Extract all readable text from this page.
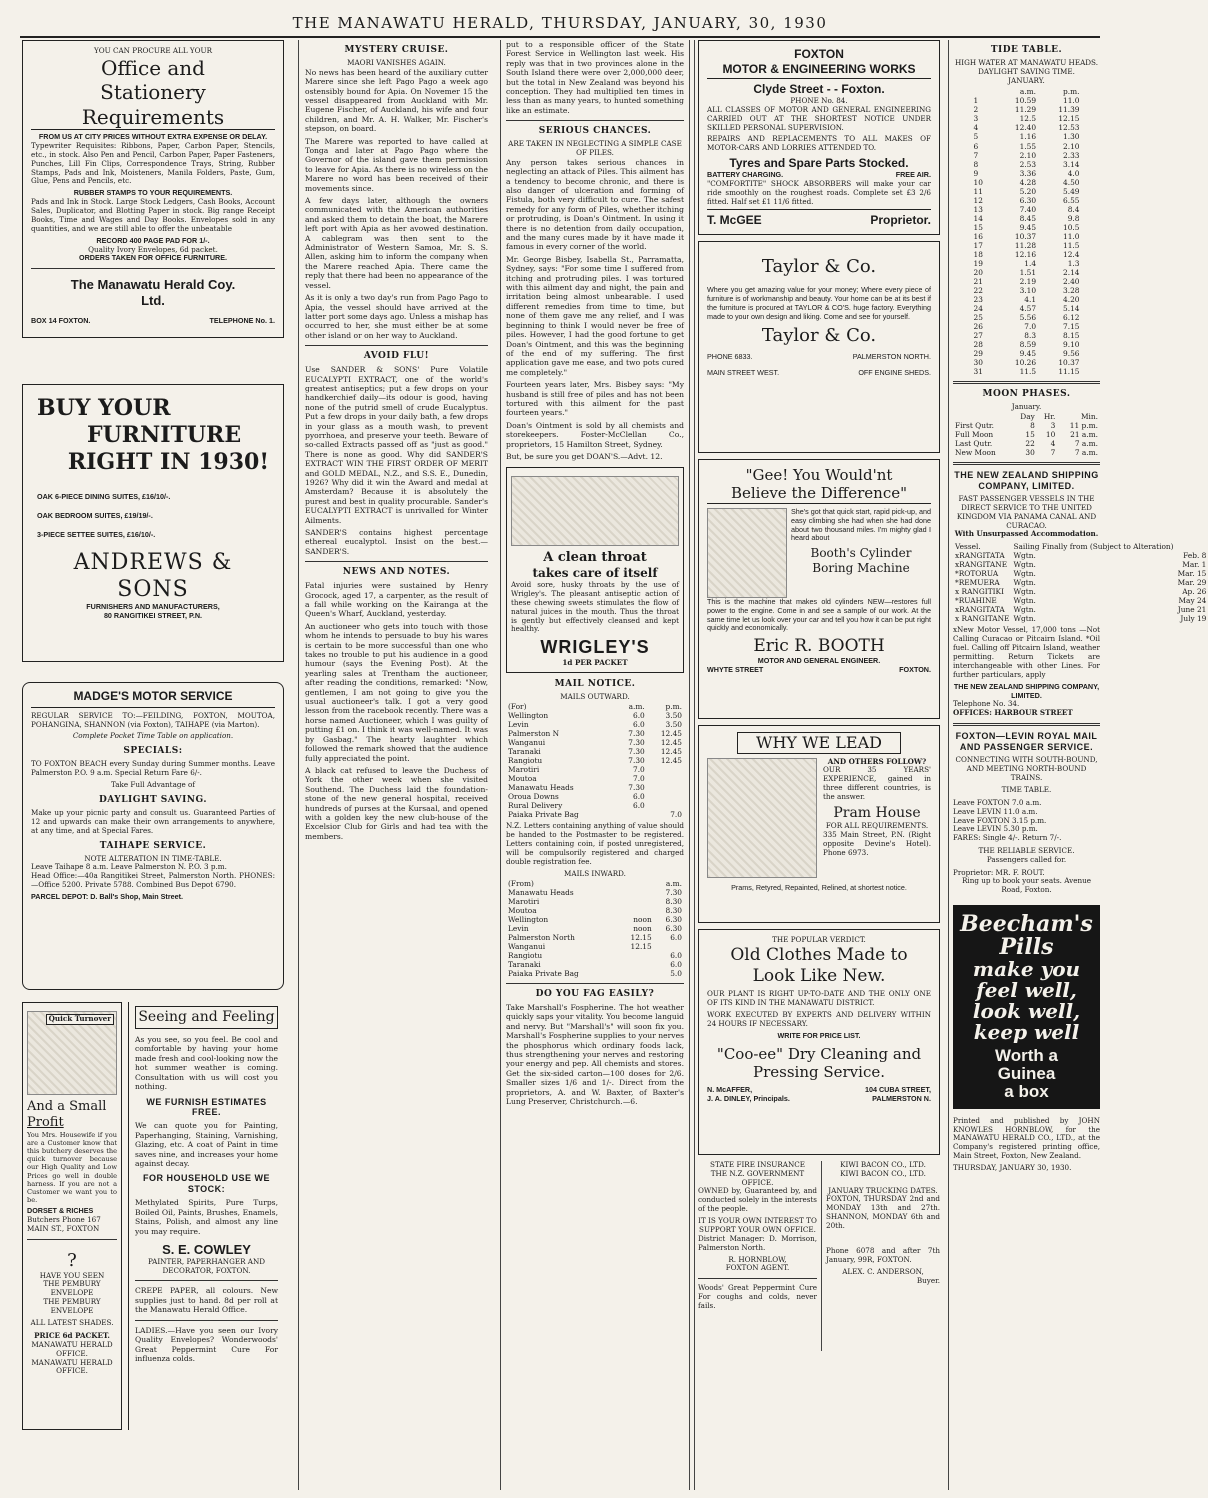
THE MANAWATU HERALD, THURSDAY, JANUARY, 30, 1930
YOU CAN PROCURE ALL YOUR
Office and
Stationery Requirements
FROM US AT CITY PRICES WITHOUT EXTRA EXPENSE OR DELAY.
Typewriter Requisites: Ribbons, Paper, Carbon Paper, Stencils, etc., in stock. Also Pen and Pencil, Carbon Paper, Paper Fasteners, Punches, Lill Fin Clips, Correspondence Trays, String, Rubber Stamps, Pads and Ink, Moisteners, Manila Folders, Paste, Gum, Glue, Pens and Pencils, etc.
RUBBER STAMPS TO YOUR REQUIREMENTS.
Pads and Ink in Stock. Large Stock Ledgers, Cash Books, Account Sales, Duplicator, and Blotting Paper in stock. Big range Receipt Books, Time and Wages and Day Books. Envelopes sold in any quantities, and we are still able to offer the unbeatable
RECORD 400 PAGE PAD FOR 1/-.
Quality Ivory Envelopes, 6d packet.
ORDERS TAKEN FOR OFFICE FURNITURE.
The Manawatu Herald Coy.
Ltd.
BOX 14 FOXTON.	TELEPHONE No. 1.
BUY YOUR
FURNITURE
RIGHT IN 1930!
OAK 6-PIECE DINING SUITES, £16/10/-.
OAK BEDROOM SUITES, £19/19/-.
3-PIECE SETTEE SUITES, £16/10/-.
ANDREWS & SONS
FURNISHERS AND MANUFACTURERS,
80 RANGITIKEI STREET, P.N.
MADGE'S MOTOR SERVICE
REGULAR SERVICE TO:—FEILDING, FOXTON, MOUTOA, POHANGINA, SHANNON (via Foxton), TAIHAPE (via Marton).
Complete Pocket Time Table on application.
SPECIALS:
TO FOXTON BEACH every Sunday during Summer months. Leave Palmerston P.O. 9 a.m. Special Return Fare 6/-.
Take Full Advantage of
DAYLIGHT SAVING.
Make up your picnic party and consult us. Guaranteed Parties of 12 and upwards can make their own arrangements to anywhere, at any time, and at Special Fares.
TAIHAPE SERVICE.
NOTE ALTERATION IN TIME-TABLE.
Leave Taihape 8 a.m. Leave Palmerston N. P.O. 3 p.m.
Head Office:—40a Rangitikei Street, Palmerston North. PHONES:—Office 5200. Private 5788. Combined Bus Depot 6790.
PARCEL DEPOT: D. Ball's Shop, Main Street.
Quick Turnover
And a Small
Profit
You Mrs. Housewife if you are a Customer know that this butchery deserves the quick turnover because our High Quality and Low Prices go well in double harness. If you are not a Customer we want you to be.
DORSET & RICHES
Butchers Phone 167
MAIN ST., FOXTON
?
HAVE YOU SEEN
THE PEMBURY ENVELOPE
THE PEMBURY ENVELOPE
ALL LATEST SHADES.
PRICE 6d PACKET.
MANAWATU HERALD OFFICE.
MANAWATU HERALD OFFICE.
Seeing and Feeling
As you see, so you feel. Be cool and comfortable by having your home made fresh and cool-looking now the hot summer weather is coming. Consultation with us will cost you nothing.
WE FURNISH ESTIMATES FREE.
We can quote you for Painting, Paperhanging, Staining, Varnishing, Glazing, etc. A coat of Paint in time saves nine, and increases your home against decay.
FOR HOUSEHOLD USE WE STOCK:
Methylated Spirits, Pure Turps, Boiled Oil, Paints, Brushes, Enamels, Stains, Polish, and almost any line you may require.
S. E. COWLEY
PAINTER, PAPERHANGER AND DECORATOR, FOXTON.
CREPE PAPER, all colours. New supplies just to hand. 8d per roll at the Manawatu Herald Office.
LADIES.—Have you seen our Ivory Quality Envelopes? Wonderwoods' Great Peppermint Cure For influenza colds.
MYSTERY CRUISE.
MAORI VANISHES AGAIN.
No news has been heard of the auxiliary cutter Marere since she left Pago Pago a week ago ostensibly bound for Apia. On Novemer 15 the vessel disappeared from Auckland with Mr. Eugene Fischer, of Auckland, his wife and four children, and Mr. A. H. Walker, Mr. Fischer's stepson, on board.
The Marere was reported to have called at Tonga and later at Pago Pago where the Governor of the island gave them permission to leave for Apia. As there is no wireless on the Marere no word has been received of their movements since.
A few days later, although the owners communicated with the American authorities and asked them to detain the boat, the Marere left port with Apia as her avowed destination. A cablegram was then sent to the Administrator of Western Samoa, Mr. S. S. Allen, asking him to inform the company when the Marere reached Apia. There came the reply that there had been no appearance of the vessel.
As it is only a two day's run from Pago Pago to Apia, the vessel should have arrived at the latter port some days ago. Unless a mishap has occurred to her, she must either be at some other island or on her way to Auckland.
AVOID FLU!
Use SANDER & SONS' Pure Volatile EUCALYPTI EXTRACT, one of the world's greatest antiseptics; put a few drops on your handkerchief daily—its odour is good, having none of the putrid smell of crude Eucalyptus. Put a few drops in your daily bath, a few drops in your glass as a mouth wash, to prevent pyorrhoea, and preserve your teeth. Beware of so-called Extracts passed off as "just as good." There is none as good. Why did SANDER'S EXTRACT WIN THE FIRST ORDER OF MERIT and GOLD MEDAL, N.Z., and S.S. E., Dunedin, 1926? Why did it win the Award and medal at Amsterdam? Because it is absolutely the purest and best in quality procurable. Sander's EUCALYPTI EXTRACT is unrivalled for Winter Ailments.
SANDER'S contains highest percentage ethereal eucalyptol. Insist on the best.—SANDER'S.
NEWS AND NOTES.
Fatal injuries were sustained by Henry Grocock, aged 17, a carpenter, as the result of a fall while working on the Kairanga at the Queen's Wharf, Auckland, yesterday.
An auctioneer who gets into touch with those whom he intends to persuade to buy his wares is certain to be more successful than one who takes no trouble to put his audience in a good humour (says the Evening Post). At the yearling sales at Trentham the auctioneer, after reading the conditions, remarked: "Now, gentlemen, I am not going to give you the usual auctioneer's talk. I got a very good lesson from the racebook recently. There was a horse named Auctioneer, which I was guilty of putting £1 on. I think it was well-named. It was by Gasbag." The hearty laughter which followed the remark showed that the audience fully appreciated the point.
A black cat refused to leave the Duchess of York the other week when she visited Southend. The Duchess laid the foundation-stone of the new general hospital, received hundreds of purses at the Kursaal, and opened with a golden key the new club-house of the Excelsior Club for Girls and had tea with the members.
put to a responsible officer of the State Forest Service in Wellington last week. His reply was that in two provinces alone in the South Island there were over 2,000,000 deer, but the total in New Zealand was beyond his conception. They had multiplied ten times in less than as many years, to hunted something like an estimate.
SERIOUS CHANCES.
ARE TAKEN IN NEGLECTING A SIMPLE CASE OF PILES.
Any person takes serious chances in neglecting an attack of Piles. This ailment has a tendency to become chronic, and there is also danger of ulceration and forming of Fistula, both very difficult to cure. The safest remedy for any form of Piles, whether itching or protruding, is Doan's Ointment. In using it there is no detention from daily occupation, and the many cures made by it have made it famous in every corner of the world.
Mr. George Bisbey, Isabella St., Parramatta, Sydney, says: "For some time I suffered from itching and protruding piles. I was tortured with this ailment day and night, the pain and irritation being almost unbearable. I used different remedies from time to time, but none of them gave me any relief, and I was beginning to think I would never be free of piles. However, I had the good fortune to get Doan's Ointment, and this was the beginning of the end of my suffering. The first application gave me ease, and two pots cured me completely."
Fourteen years later, Mrs. Bisbey says: "My husband is still free of piles and has not been tortured with this ailment for the past fourteen years."
Doan's Ointment is sold by all chemists and storekeepers. Foster-McClellan Co., proprietors, 15 Hamilton Street, Sydney.
But, be sure you get DOAN'S.—Advt. 12.
A clean throat
takes care of itself
Avoid sore, husky throats by the use of Wrigley's. The pleasant antiseptic action of these chewing sweets stimulates the flow of natural juices in the mouth. Thus the throat is gently but effectively cleansed and kept healthy.
WRIGLEY'S
1d PER PACKET
MAIL NOTICE.
MAILS OUTWARD.
(For)	a.m.	p.m.
Wellington	6.0	3.50
Levin	6.0	3.50
Palmerston N	7.30	12.45
Wanganui	7.30	12.45
Taranaki	7.30	12.45
Rangiotu	7.30	12.45
Marotiri	7.0	
Moutoa	7.0	
Manawatu Heads	7.30	
Oroua Downs	6.0	
Rural Delivery	6.0	
Paiaka Private Bag		7.0
N.Z. Letters containing anything of value should be handed to the Postmaster to be registered. Letters containing coin, if posted unregistered, will be compulsorily registered and charged double registration fee.
MAILS INWARD.
(From)		a.m.
Manawatu Heads		7.30
Marotiri		8.30
Moutoa		8.30
Wellington	noon	6.30
Levin	noon	6.30
Palmerston North	12.15	6.0
Wanganui	12.15	
Rangiotu		6.0
Taranaki		6.0
Paiaka Private Bag		5.0
DO YOU FAG EASILY?
Take Marshall's Fospherine. The hot weather quickly saps your vitality. You become languid and nervy. But "Marshall's" will soon fix you. Marshall's Fospherine supplies to your nerves the phosphorus which ordinary foods lack, thus strengthening your nerves and restoring your energy and pep. All chemists and stores. Get the six-sided carton—100 doses for 2/6. Smaller sizes 1/6 and 1/-. Direct from the proprietors, A. and W. Baxter, of Baxter's Lung Preserver, Christchurch.—6.
FOXTON
MOTOR & ENGINEERING WORKS
Clyde Street - - Foxton.
PHONE No. 84.
ALL CLASSES OF MOTOR AND GENERAL ENGINEERING CARRIED OUT AT THE SHORTEST NOTICE UNDER SKILLED PERSONAL SUPERVISION.
REPAIRS AND REPLACEMENTS TO ALL MAKES OF MOTOR-CARS AND LORRIES ATTENDED TO.
Tyres and Spare Parts Stocked.
BATTERY CHARGING.	FREE AIR.
"COMFORTITE" SHOCK ABSORBERS will make your car ride smoothly on the roughest roads. Complete set £3 2/6 fitted. Half set £1 11/6 fitted.
T. McGEE	Proprietor.
Taylor & Co.
Where you get amazing value for your money; Where every piece of furniture is of workmanship and beauty. Your home can be at its best if the furniture is procured at TAYLOR & CO'S. huge factory. Everything made to your own design and liking. Come and see for yourself.
Taylor & Co.
PHONE 6833.	PALMERSTON NORTH.
MAIN STREET WEST.	OFF ENGINE SHEDS.
"Gee! You Would'nt
Believe the Difference"
She's got that quick start, rapid pick-up, and easy climbing she had when she had done about two thousand miles. I'm mighty glad I heard about
Booth's Cylinder
Boring Machine
This is the machine that makes old cylinders NEW—restores full power to the engine. Come in and see a sample of our work. At the same time let us look over your car and tell you how it can be put right quickly and economically.
Eric R. BOOTH
MOTOR AND GENERAL ENGINEER.
WHYTE STREET	FOXTON.
WHY WE LEAD
AND OTHERS FOLLOW?
OUR 35 YEARS' EXPERIENCE, gained in three different countries, is the answer.
Pram House
FOR ALL REQUIREMENTS.
335 Main Street, P.N. (Right opposite Devine's Hotel). Phone 6973.
Prams, Retyred, Repainted, Relined, at shortest notice.
THE POPULAR VERDICT.
Old Clothes Made to
Look Like New.
OUR PLANT IS RIGHT UP-TO-DATE AND THE ONLY ONE OF ITS KIND IN THE MANAWATU DISTRICT.
WORK EXECUTED BY EXPERTS AND DELIVERY WITHIN 24 HOURS IF NECESSARY.
WRITE FOR PRICE LIST.
"Coo-ee" Dry Cleaning and
Pressing Service.
N. McAFFER,	104 CUBA STREET,
J. A. DINLEY, Principals.	PALMERSTON N.
STATE FIRE INSURANCE
THE N.Z. GOVERNMENT OFFICE.
OWNED by, Guaranteed by, and conducted solely in the interests of the people.
IT IS YOUR OWN INTEREST TO SUPPORT YOUR OWN OFFICE.
District Manager: D. Morrison, Palmerston North.
R. HORNBLOW,
FOXTON AGENT.
Woods' Great Peppermint Cure For coughs and colds, never fails.
KIWI BACON CO., LTD.
KIWI BACON CO., LTD.
JANUARY TRUCKING DATES.
FOXTON, THURSDAY 2nd and MONDAY 13th and 27th. SHANNON, MONDAY 6th and 20th.
Phone 6078 and after 7th January, 99R, FOXTON.
ALEX. C. ANDERSON,
Buyer.
TIDE TABLE.
HIGH WATER AT MANAWATU HEADS.
DAYLIGHT SAVING TIME.
JANUARY.
	a.m.	p.m.
1	10.59	11.0
2	11.29	11.39
3	12.5	12.15
4	12.40	12.53
5	1.16	1.30
6	1.55	2.10
7	2.10	2.33
8	2.53	3.14
9	3.36	4.0
10	4.28	4.50
11	5.20	5.49
12	6.30	6.55
13	7.40	8.4
14	8.45	9.8
15	9.45	10.5
16	10.37	11.0
17	11.28	11.5
18	12.16	12.4
19	1.4	1.3
20	1.51	2.14
21	2.19	2.40
22	3.10	3.28
23	4.1	4.20
24	4.57	5.14
25	5.56	6.12
26	7.0	7.15
27	8.3	8.15
28	8.59	9.10
29	9.45	9.56
30	10.26	10.37
31	11.5	11.15
MOON PHASES.
January.
	Day	Hr.	Min.
First Qutr.	8	3	11 p.m.
Full Moon	15	10	21 a.m.
Last Qutr.	22	4	7 a.m.
New Moon	30	7	7 a.m.
THE NEW ZEALAND SHIPPING COMPANY, LIMITED.
FAST PASSENGER VESSELS IN THE DIRECT SERVICE TO THE UNITED KINGDOM VIA PANAMA CANAL AND CURACAO.
With Unsurpassed Accommodation.
Vessel.	Sailing Finally from (Subject to Alteration)	
xRANGITATA	Wgtn.	Feb. 8
xRANGITANE	Wgtn.	Mar. 1
*ROTORUA	Wgtn.	Mar. 15
*REMUERA	Wgtn.	Mar. 29
x RANGITIKI	Wgtn.	Ap. 26
*RUAHINE	Wgtn.	May 24
xRANGITATA	Wgtn.	June 21
x RANGITANE	Wgtn.	July 19
xNew Motor Vessel, 17,000 tons —Not Calling Curacao or Pitcairn Island. *Oil fuel. Calling off Pitcairn Island, weather permitting. Return Tickets are interchangeable with other Lines. For further particulars, apply
THE NEW ZEALAND SHIPPING COMPANY, LIMITED.
Telephone No. 34.
OFFICES: HARBOUR STREET
FOXTON—LEVIN ROYAL MAIL AND PASSENGER SERVICE.
CONNECTING WITH SOUTH-BOUND, AND MEETING NORTH-BOUND TRAINS.
TIME TABLE.
Leave FOXTON 7.0 a.m.
Leave LEVIN 11.0 a.m.
Leave FOXTON 3.15 p.m.
Leave LEVIN 5.30 p.m.
FARES: Single 4/-. Return 7/-.
THE RELIABLE SERVICE.
Passengers called for.
Proprietor: MR. F. ROUT.
Ring up to book your seats. Avenue Road, Foxton.
Beecham's
Pills
make you
feel well,
look well,
keep well
Worth a
Guinea
a box
Printed and published by JOHN KNOWLES HORNBLOW, for the MANAWATU HERALD CO., LTD., at the Company's registered printing office, Main Street, Foxton, New Zealand.
THURSDAY, JANUARY 30, 1930.
